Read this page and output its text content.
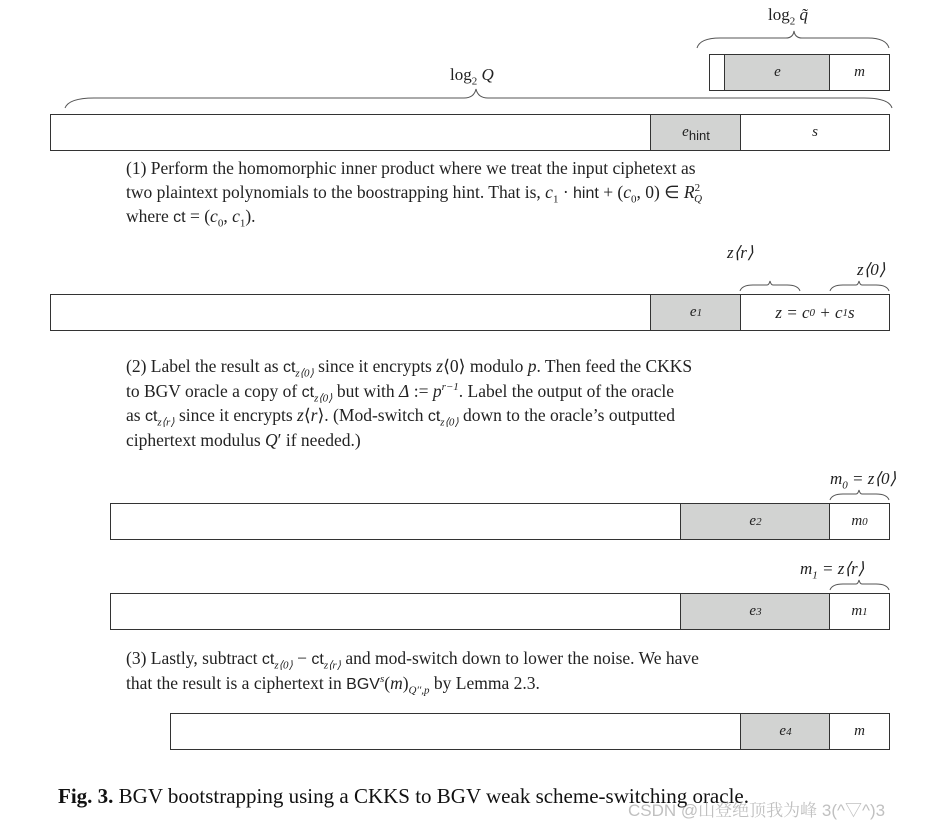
$\log_2$ q̃
e	m
$\log_2 Q$
e hint	s
(1) Perform the homomorphic inner product where we treat the input ciphetext as
two plaintext polynomials to the boostrapping hint. That is, $c_1$ · hint + ($c_0$, 0) ∈ $R^2_Q$
where ct = ($c_0$, $c_1$).
z⟨r⟩
z⟨0⟩
e 1	z = c 0 + c 1 s
(2) Label the result as $ct_{z⟨0⟩}$ since it encrypts z⟨0⟩ modulo p. Then feed the CKKS
to BGV oracle a copy of $ct_{z⟨0⟩}$ but with Δ := $p^{r-1}$. Label the output of the oracle
as $ct_{z⟨r⟩}$ since it encrypts z⟨r⟩. (Mod-switch $ct_{z⟨0⟩}$ down to the oracle’s outputted
ciphertext modulus Q′ if needed.)
$m_0$ = z⟨0⟩
e 2	m 0
$m_1$ = z⟨r⟩
e 3	m 1
(3) Lastly, subtract $ct_{z⟨0⟩} - ct_{z⟨r⟩}$ and mod-switch down to lower the noise. We have
that the result is a ciphertext in $BGV^s(m)_{Q'',p}$ by Lemma 2.3.
e 4	m
Fig. 3. BGV bootstrapping using a CKKS to BGV weak scheme-switching oracle.
CSDN @山登绝顶我为峰 3(^▽^)3
